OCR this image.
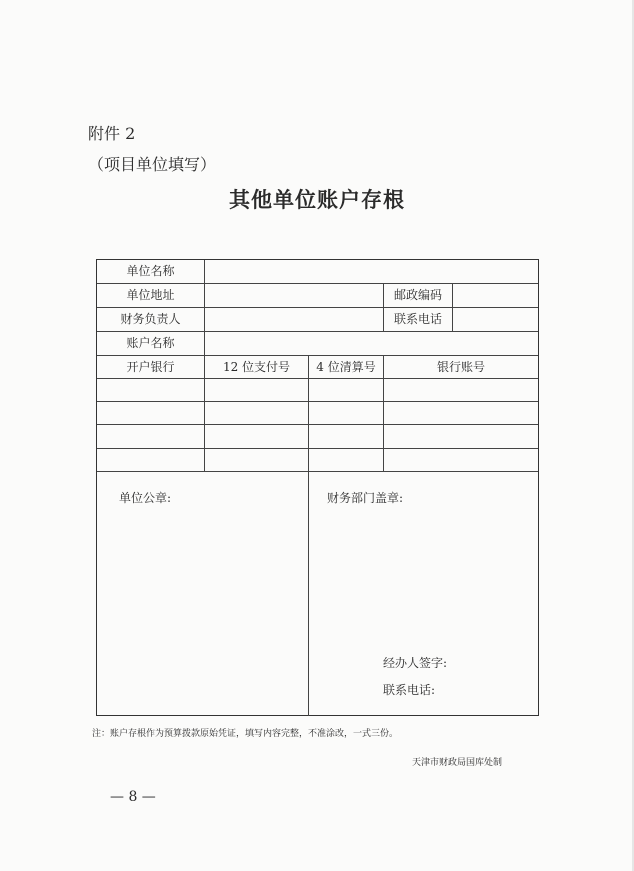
附件 2
（项目单位填写）
其他单位账户存根
单位名称
单位地址	邮政编码
财务负责人	联系电话
账户名称
开户银行	12 位支付号	4 位清算号	银行账号
单位公章:	财务部门盖章:
经办人签字:
联系电话:
注：账户存根作为预算拨款原始凭证，填写内容完整，不准涂改，一式三份。
天津市财政局国库处制
— 8 —
